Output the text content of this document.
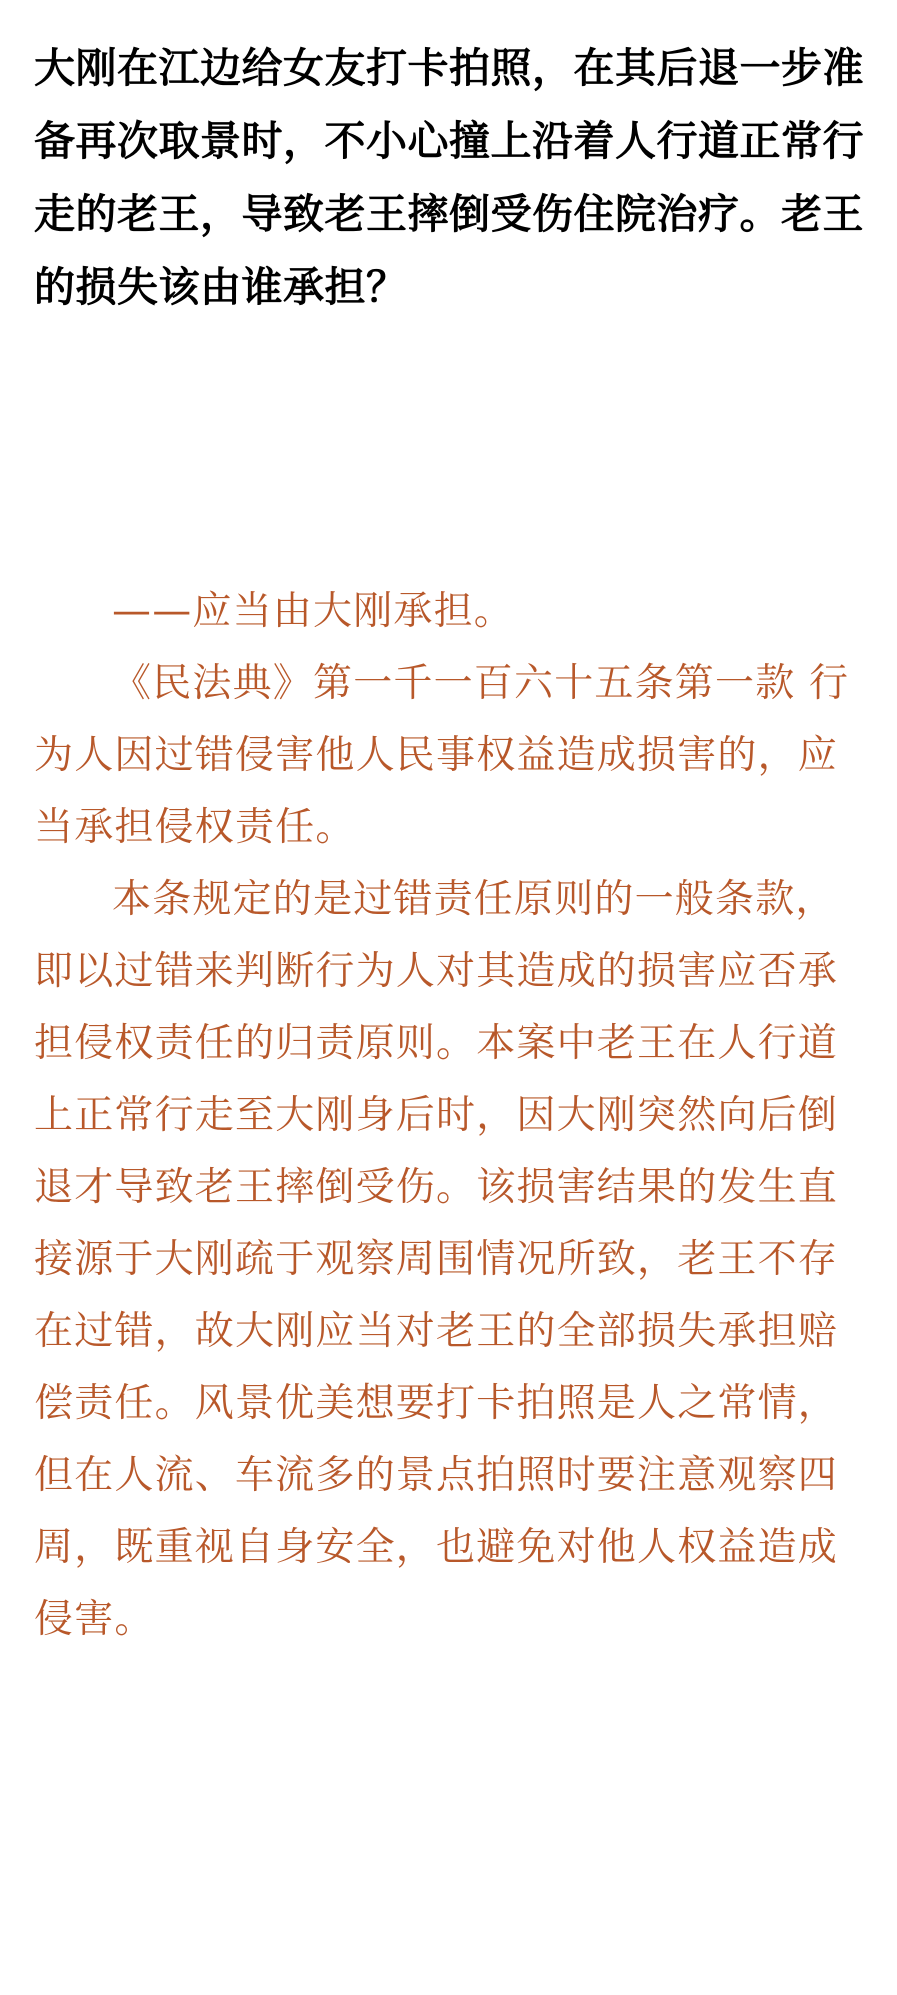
大刚在江边给女友打卡拍照，在其后退一步准备再次取景时，不小心撞上沿着人行道正常行走的老王，导致老王摔倒受伤住院治疗。老王的损失该由谁承担？

——应当由大刚承担。

《民法典》第一千一百六十五条第一款 行为人因过错侵害他人民事权益造成损害的，应当承担侵权责任。

本条规定的是过错责任原则的一般条款，即以过错来判断行为人对其造成的损害应否承担侵权责任的归责原则。本案中老王在人行道上正常行走至大刚身后时，因大刚突然向后倒退才导致老王摔倒受伤。该损害结果的发生直接源于大刚疏于观察周围情况所致，老王不存在过错，故大刚应当对老王的全部损失承担赔偿责任。风景优美想要打卡拍照是人之常情，但在人流、车流多的景点拍照时要注意观察四周，既重视自身安全，也避免对他人权益造成侵害。
